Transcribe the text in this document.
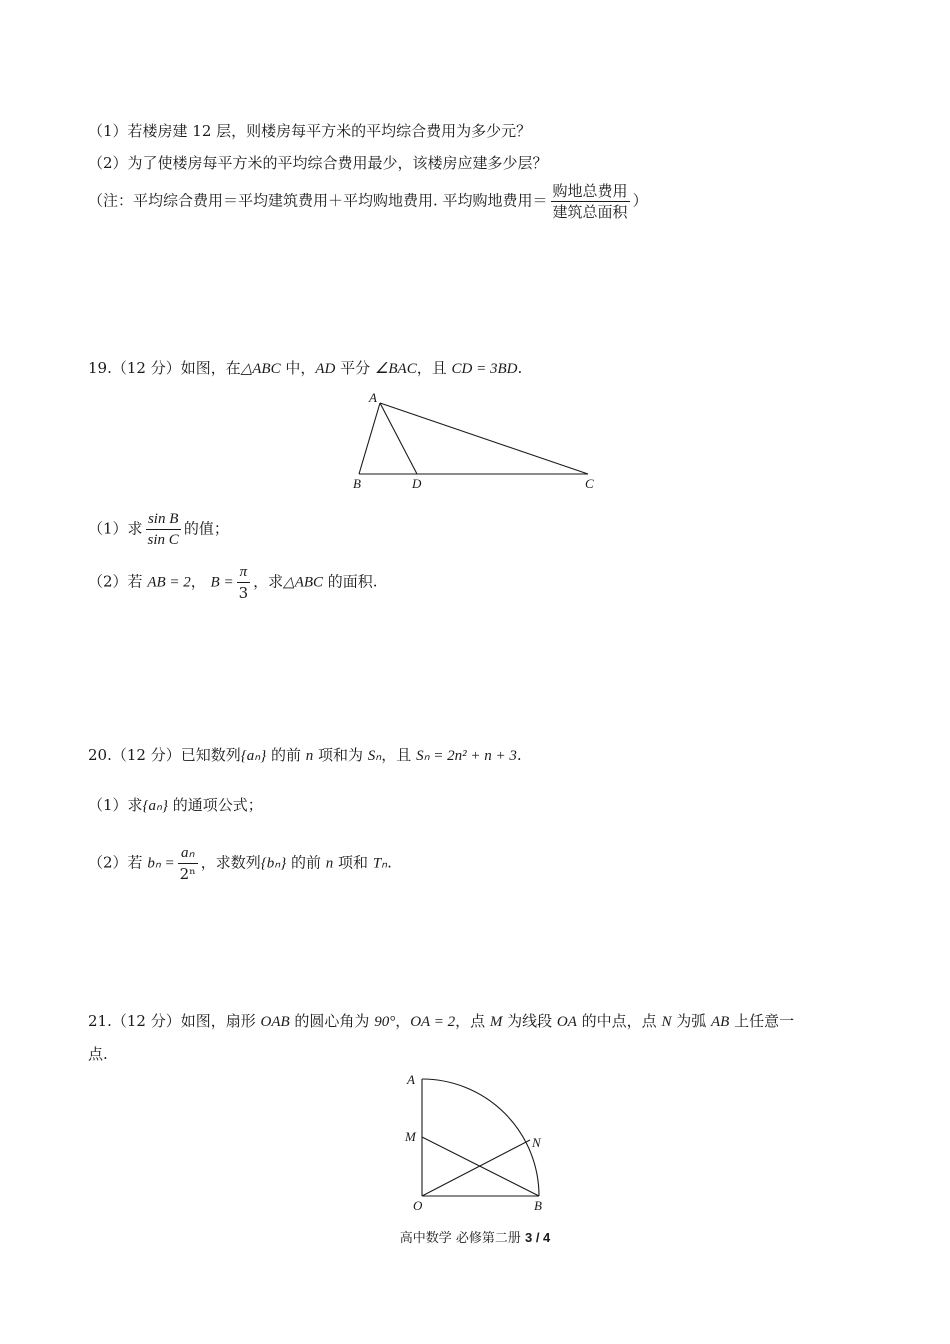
（1）若楼房建 12 层，则楼房每平方米的平均综合费用为多少元？
（2）为了使楼房每平方米的平均综合费用最少，该楼房应建多少层？
（注：平均综合费用＝平均建筑费用＋平均购地费用. 平均购地费用＝ $\frac{\text{购地总费用}}{\text{建筑总面积}}$ ）
19.（12 分）如图，在△ABC 中，AD 平分 ∠BAC，且 CD = 3BD.
A
B	D	C
（1）求 $\frac{\text{sin B}}{\text{sin C}}$ 的值；
（2）若 AB = 2， $B = \frac{\pi}{3}$ ，求△ABC 的面积.
20.（12 分）已知数列{aₙ} 的前 n 项和为 Sₙ，且 Sₙ = 2n² + n + 3.
（1）求{aₙ} 的通项公式；
（2）若 $b_n = \frac{\text{aₙ}}{\text{2ⁿ}}$ ，求数列{bₙ} 的前 n 项和 Tₙ.
21.（12 分）如图，扇形 OAB 的圆心角为 90°，OA = 2，点 M 为线段 OA 的中点，点 N 为弧 AB 上任意一
点.
A
M	N
O	B
高中数学 必修第二册 3 / 4
